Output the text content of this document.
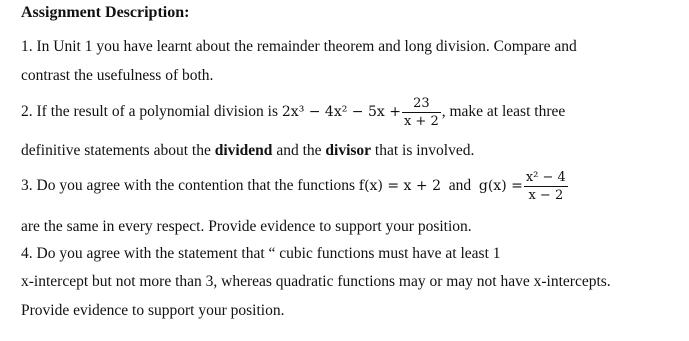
Assignment Description:
1. In Unit 1 you have learnt about the remainder theorem and long division. Compare and
contrast the usefulness of both.
2. If the result of a polynomial division is $2x^3 - 4x^2 - 5x + \frac{23}{x + 2}$ , make at least three
definitive statements about the dividend and the divisor that is involved.
3. Do you agree with the contention that the functions f(x) = x + 2  and  $g(x) = \frac{\text{x² − 4}}{x - 2}$
are the same in every respect. Provide evidence to support your position.
4. Do you agree with the statement that “ cubic functions must have at least 1
x-intercept but not more than 3, whereas quadratic functions may or may not have x-intercepts.
Provide evidence to support your position.
